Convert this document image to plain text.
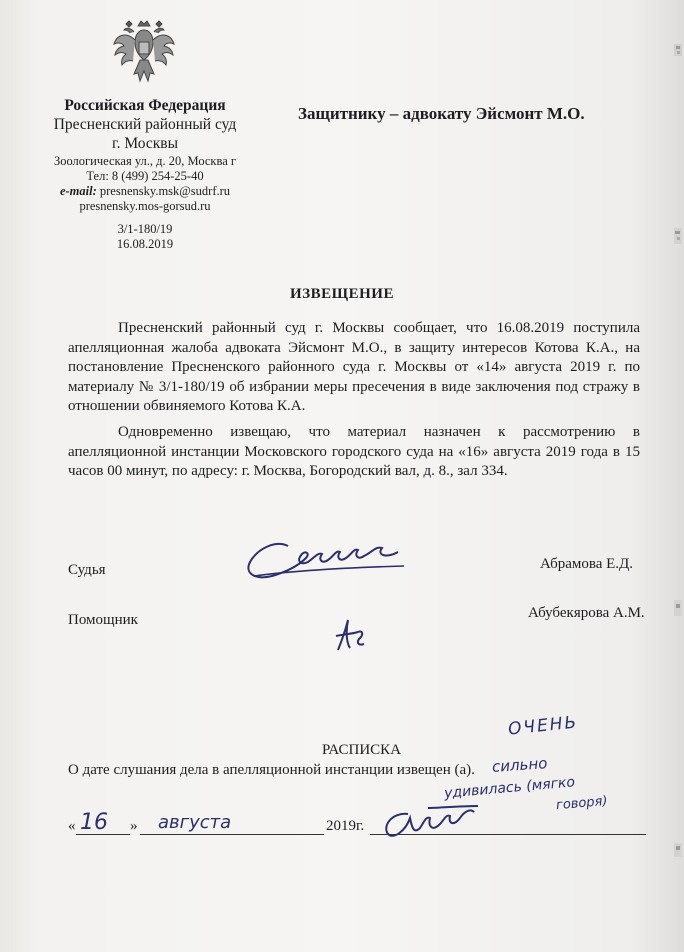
Российская Федерация
Пресненский районный суд
г. Москвы
Зоологическая ул., д. 20, Москва г
Тел: 8 (499) 254-25-40
e-mail: presnensky.msk@sudrf.ru
presnensky.mos-gorsud.ru
3/1-180/19
16.08.2019
Защитнику – адвокату Эйсмонт М.О.
ИЗВЕЩЕНИЕ
Пресненский районный суд г. Москвы сообщает, что 16.08.2019 поступила апелляционная жалоба адвоката Эйсмонт М.О., в защиту интересов Котова К.А., на постановление Пресненского районного суда г. Москвы от «14» августа 2019 г. по материалу № 3/1-180/19 об избрании меры пресечения в виде заключения под стражу в отношении обвиняемого Котова К.А.
Одновременно извещаю, что материал назначен к рассмотрению в апелляционной инстанции Московского городского суда на «16» августа 2019 года в 15 часов 00 минут, по адресу: г. Москва, Богородский вал, д. 8., зал 334.
Судья	Абрамова Е.Д.
Помощник	Абубекярова А.М.
РАСПИСКА
О дате слушания дела в апелляционной инстанции извещен (а).
ОЧЕНЬ
сильно
удивилась (мягко
говоря)
« 16 » августа	2019г.
